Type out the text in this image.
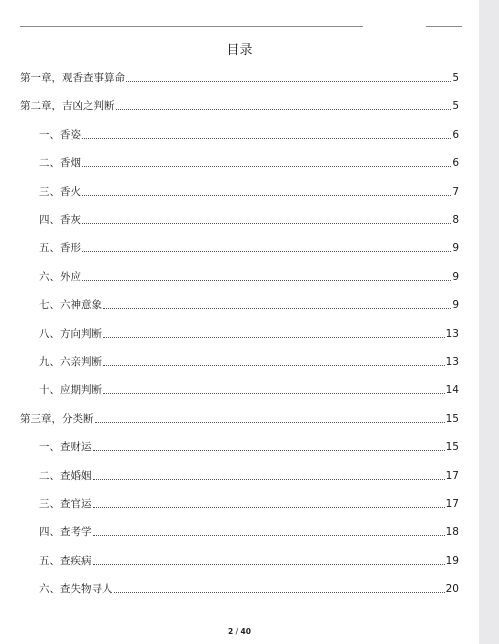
目录
第一章，观香查事算命	5
第二章，吉凶之判断	5
一、香姿	6
二、香烟	6
三、香火	7
四、香灰	8
五、香形	9
六、外应	9
七、六神意象	9
八、方向判断	13
九、六亲判断	13
十、应期判断	14
第三章，分类断	15
一、查财运	15
二、查婚姻	17
三、查官运	17
四、查考学	18
五、查疾病	19
六、查失物寻人	20
2 / 40
